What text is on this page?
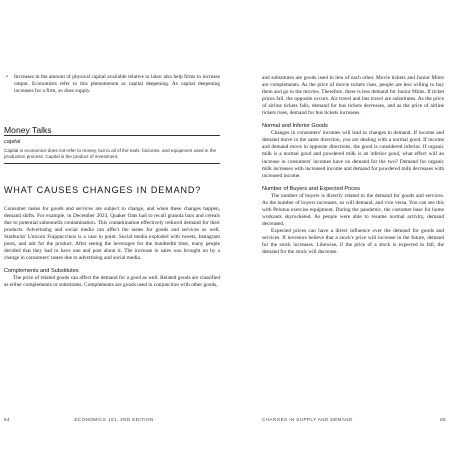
• Increases in the amount of physical capital available relative to labor also help firms to increase output. Economists refer to this phenomenon as capital deepening. As capital deepening increases for a firm, so does supply.

Money Talks
capital
Capital in economics does not refer to money, but to all of the tools, factories, and equipment used in the production process. Capital is the product of investment.
WHAT CAUSES CHANGES IN DEMAND?

Consumer tastes for goods and services are subject to change, and when these changes happen, demand shifts. For example, in December 2023, Quaker Oats had to recall granola bars and cereals due to potential salmonella contamination. This contamination effectively reduced demand for their products. Advertising and social media can affect the tastes for goods and services as well. Starbucks' Unicorn Frappuccinos is a case in point. Social media exploded with tweets, Instagram posts, and ads for the product. After seeing the beverages for the hundredth time, many people decided that they had to have one and post about it. The increase in sales was brought on by a change in consumers' tastes due to advertising and social media.

Complements and Substitutes

The price of related goods can affect the demand for a good as well. Related goods are classified as either complements or substitutes. Complements are goods used in conjunction with other goods,

84	ECONOMICS 101, 2ND EDITION

and substitutes are goods used in lieu of each other. Movie tickets and Junior Mints are complements. As the price of movie tickets rises, people are less willing to buy them and go to the movies. Therefore, there is less demand for Junior Mints. If ticket prices fall, the opposite occurs. Air travel and bus travel are substitutes. As the price of airline tickets falls, demand for bus tickets decreases, and as the price of airline tickets rises, demand for bus tickets increases.

Normal and Inferior Goods

Changes in consumers' incomes will lead to changes in demand. If income and demand move in the same direction, you are dealing with a normal good. If income and demand move in opposite directions, the good is considered inferior. If organic milk is a normal good and powdered milk is an inferior good, what effect will an increase in consumers' incomes have on demand for the two? Demand for organic milk increases with increased income and demand for powdered milk decreases with increased income.

Number of Buyers and Expected Prices

The number of buyers is directly related to the demand for goods and services. As the number of buyers increases, so will demand, and vice versa. You can see this with Peloton exercise equipment. During the pandemic, the customer base for home workouts skyrocketed. As people were able to resume normal activity, demand decreased.

Expected prices can have a direct influence over the demand for goods and services. If investors believe that a stock's price will increase in the future, demand for the stock increases. Likewise, if the price of a stock is expected to fall, the demand for the stock will decrease.

CHANGES IN SUPPLY AND DEMAND	85
